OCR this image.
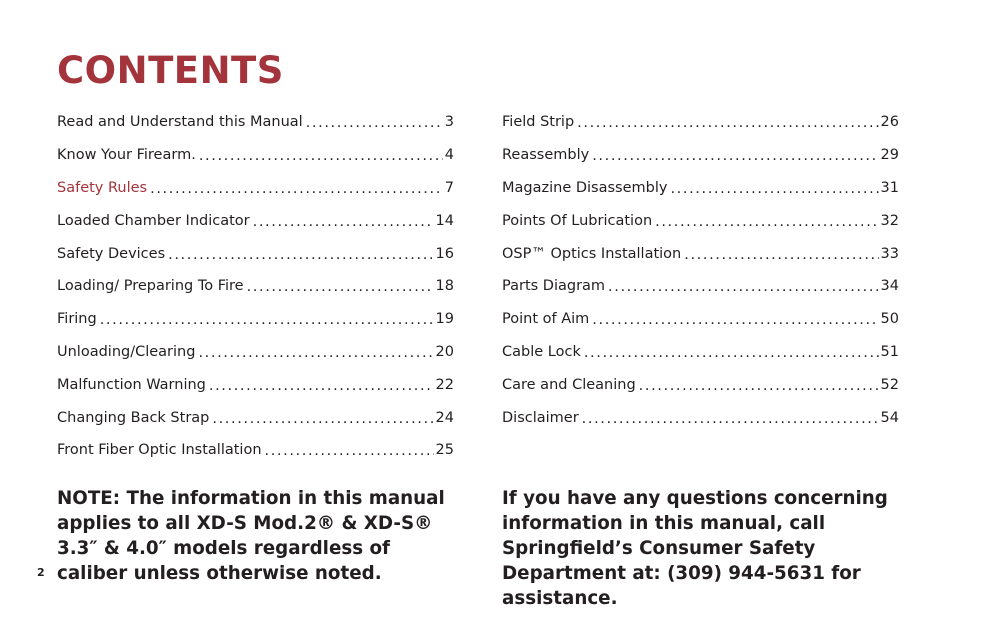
CONTENTS
Read and Understand this Manual .....	3
Know Your Firearm. .....	4
Safety Rules .....	7
Loaded Chamber Indicator .....	14
Safety Devices .....	16
Loading/ Preparing To Fire .....	18
Firing .....	19
Unloading/Clearing .....	20
Malfunction Warning .....	22
Changing Back Strap .....	24
Front Fiber Optic Installation .....	25
Field Strip .....	26
Reassembly .....	29
Magazine Disassembly .....	31
Points Of Lubrication .....	32
OSP™ Optics Installation .....	33
Parts Diagram .....	34
Point of Aim .....	50
Cable Lock .....	51
Care and Cleaning .....	52
Disclaimer .....	54

NOTE: The information in this manual applies to all XD-S Mod.2® & XD-S® 3.3″ & 4.0″ models regardless of caliber unless otherwise noted.

If you have any questions concerning information in this manual, call Springfield’s Consumer Safety Department at: (309) 944-5631 for assistance.

2
